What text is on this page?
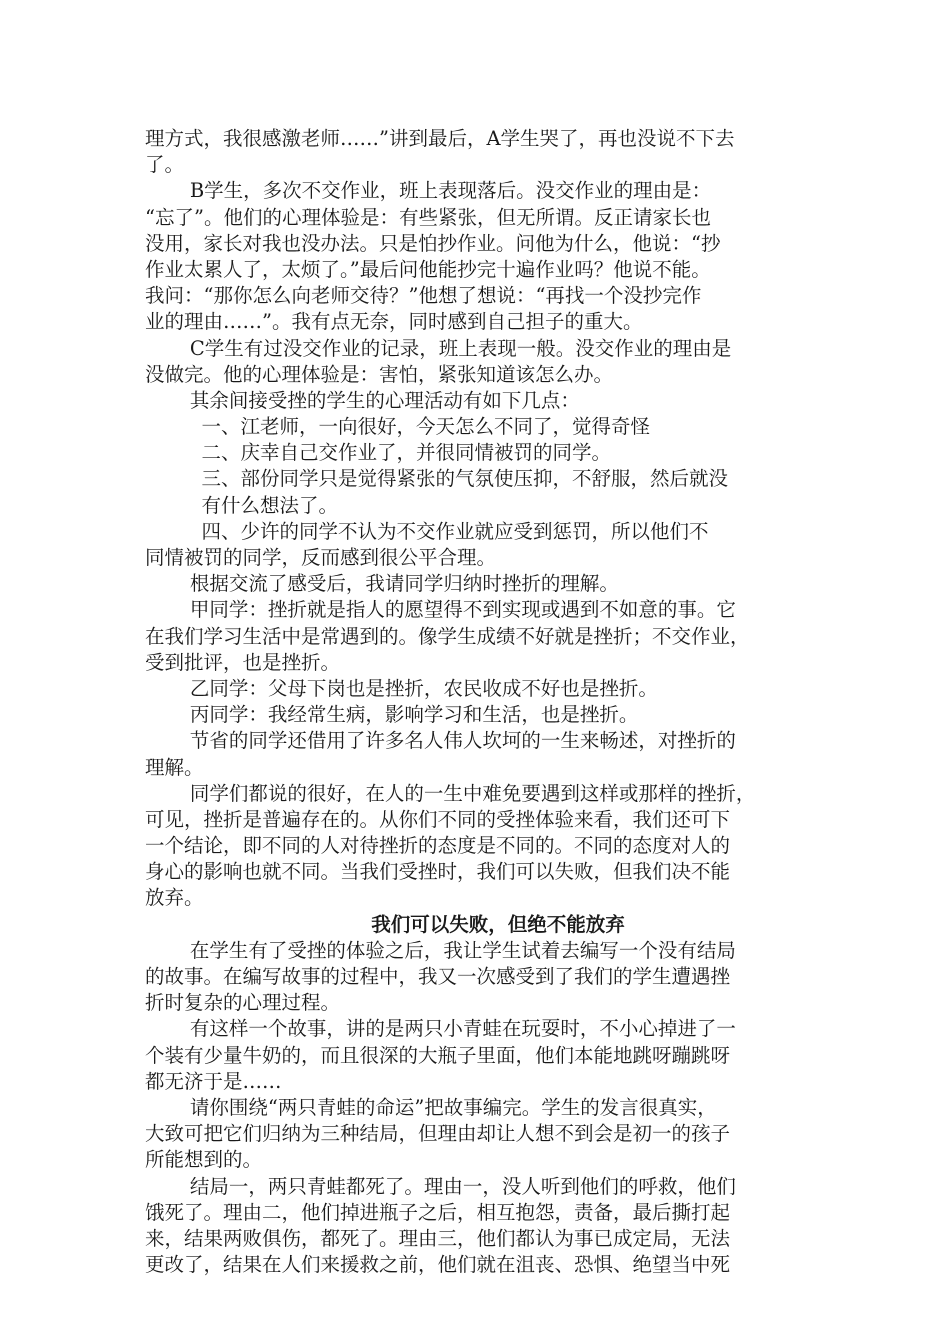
理方式，我很感激老师……”讲到最后，A学生哭了，再也没说不下去
了。
B学生，多次不交作业，班上表现落后。没交作业的理由是：
“忘了”。他们的心理体验是：有些紧张，但无所谓。反正请家长也
没用，家长对我也没办法。只是怕抄作业。问他为什么，他说：“抄
作业太累人了，太烦了。”最后问他能抄完十遍作业吗？他说不能。
我问：“那你怎么向老师交待？”他想了想说：“再找一个没抄完作
业的理由……”。我有点无奈，同时感到自己担子的重大。
C学生有过没交作业的记录，班上表现一般。没交作业的理由是
没做完。他的心理体验是：害怕，紧张知道该怎么办。
其余间接受挫的学生的心理活动有如下几点：
一、江老师，一向很好，今天怎么不同了，觉得奇怪
二、庆幸自己交作业了，并很同情被罚的同学。
三、部份同学只是觉得紧张的气氛使压抑，不舒服，然后就没
有什么想法了。
四、少许的同学不认为不交作业就应受到惩罚，所以他们不
同情被罚的同学，反而感到很公平合理。
根据交流了感受后，我请同学归纳时挫折的理解。
甲同学：挫折就是指人的愿望得不到实现或遇到不如意的事。它
在我们学习生活中是常遇到的。像学生成绩不好就是挫折；不交作业，
受到批评，也是挫折。
乙同学：父母下岗也是挫折，农民收成不好也是挫折。
丙同学：我经常生病，影响学习和生活，也是挫折。
节省的同学还借用了许多名人伟人坎坷的一生来畅述，对挫折的
理解。
同学们都说的很好，在人的一生中难免要遇到这样或那样的挫折，
可见，挫折是普遍存在的。从你们不同的受挫体验来看，我们还可下
一个结论，即不同的人对待挫折的态度是不同的。不同的态度对人的
身心的影响也就不同。当我们受挫时，我们可以失败，但我们决不能
放弃。
我们可以失败，但绝不能放弃
在学生有了受挫的体验之后，我让学生试着去编写一个没有结局
的故事。在编写故事的过程中，我又一次感受到了我们的学生遭遇挫
折时复杂的心理过程。
有这样一个故事，讲的是两只小青蛙在玩耍时，不小心掉进了一
个装有少量牛奶的，而且很深的大瓶子里面，他们本能地跳呀蹦跳呀
都无济于是……
请你围绕“两只青蛙的命运”把故事编完。学生的发言很真实，
大致可把它们归纳为三种结局，但理由却让人想不到会是初一的孩子
所能想到的。
结局一，两只青蛙都死了。理由一，没人听到他们的呼救，他们
饿死了。理由二，他们掉进瓶子之后，相互抱怨，责备，最后撕打起
来，结果两败俱伤，都死了。理由三，他们都认为事已成定局，无法
更改了，结果在人们来援救之前，他们就在沮丧、恐惧、绝望当中死
